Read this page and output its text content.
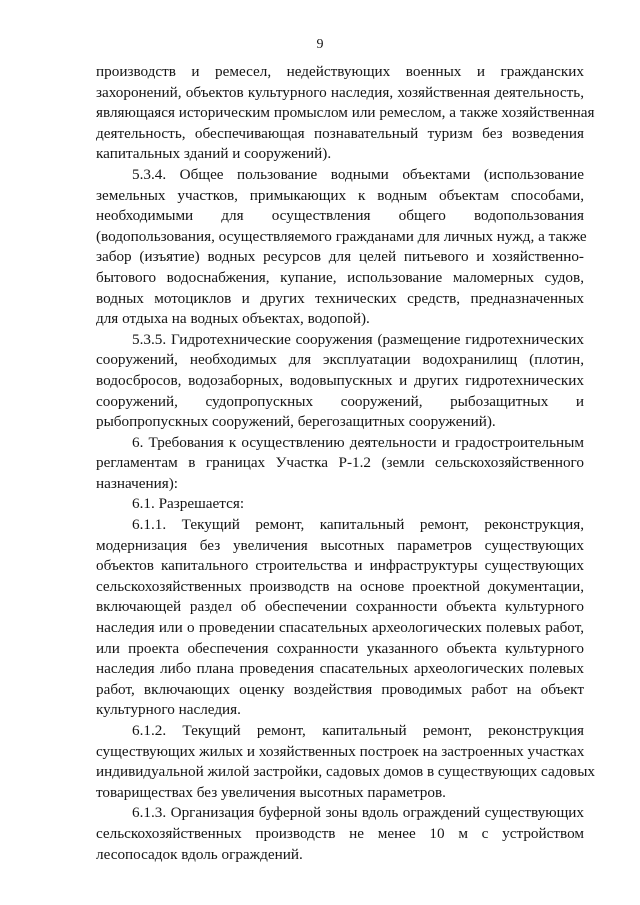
9
производств и ремесел, недействующих военных и гражданских
захоронений, объектов культурного наследия, хозяйственная деятельность,
являющаяся историческим промыслом или ремеслом, а также хозяйственная
деятельность, обеспечивающая познавательный туризм без возведения
капитальных зданий и сооружений).
5.3.4. Общее пользование водными объектами (использование
земельных участков, примыкающих к водным объектам способами,
необходимыми для осуществления общего водопользования
(водопользования, осуществляемого гражданами для личных нужд, а также
забор (изъятие) водных ресурсов для целей питьевого и хозяйственно-
бытового водоснабжения, купание, использование маломерных судов,
водных мотоциклов и других технических средств, предназначенных
для отдыха на водных объектах, водопой).
5.3.5. Гидротехнические сооружения (размещение гидротехнических
сооружений, необходимых для эксплуатации водохранилищ (плотин,
водосбросов, водозаборных, водовыпускных и других гидротехнических
сооружений, судопропускных сооружений, рыбозащитных и
рыбопропускных сооружений, берегозащитных сооружений).
6. Требования к осуществлению деятельности и градостроительным
регламентам в границах Участка Р-1.2 (земли сельскохозяйственного
назначения):
6.1. Разрешается:
6.1.1. Текущий ремонт, капитальный ремонт, реконструкция,
модернизация без увеличения высотных параметров существующих
объектов капитального строительства и инфраструктуры существующих
сельскохозяйственных производств на основе проектной документации,
включающей раздел об обеспечении сохранности объекта культурного
наследия или о проведении спасательных археологических полевых работ,
или проекта обеспечения сохранности указанного объекта культурного
наследия либо плана проведения спасательных археологических полевых
работ, включающих оценку воздействия проводимых работ на объект
культурного наследия.
6.1.2. Текущий ремонт, капитальный ремонт, реконструкция
существующих жилых и хозяйственных построек на застроенных участках
индивидуальной жилой застройки, садовых домов в существующих садовых
товариществах без увеличения высотных параметров.
6.1.3. Организация буферной зоны вдоль ограждений существующих
сельскохозяйственных производств не менее 10 м с устройством
лесопосадок вдоль ограждений.
